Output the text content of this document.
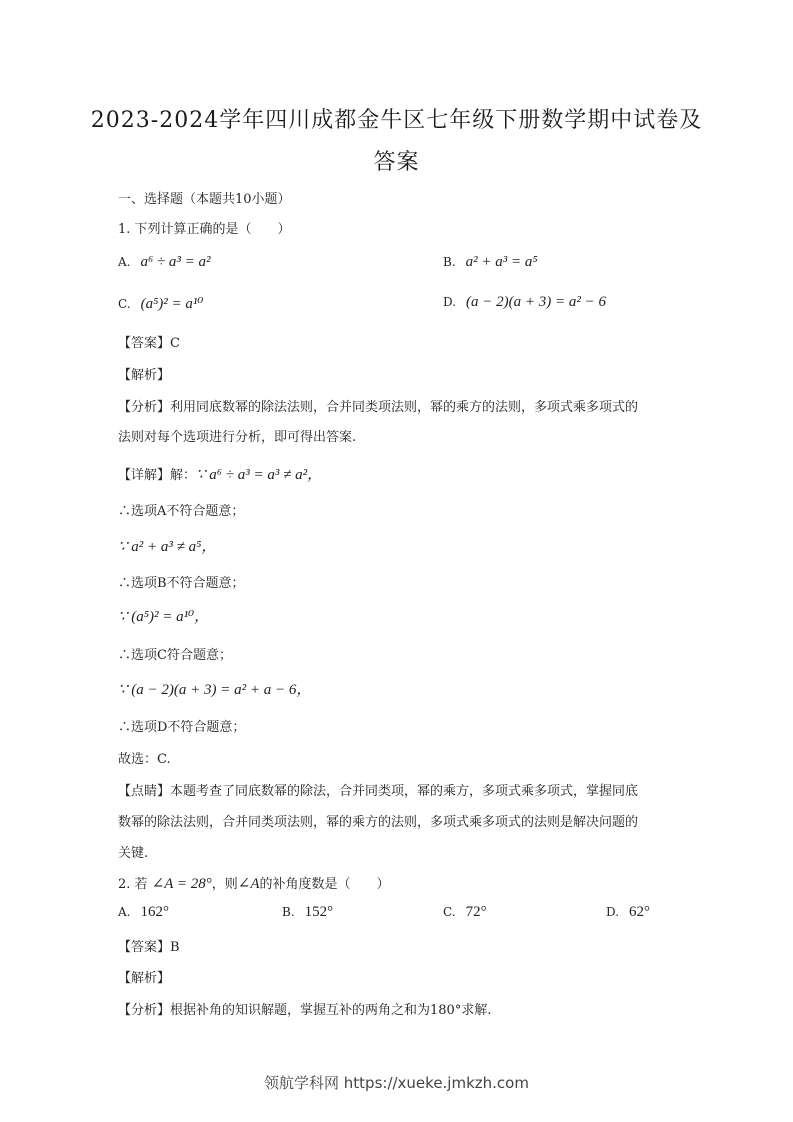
2023-2024学年四川成都金牛区七年级下册数学期中试卷及
答案
一、选择题（本题共10小题）
1. 下列计算正确的是（　　）
A. a⁶ ÷ a³ = a²	B. a² + a³ = a⁵
C. (a⁵)² = a¹⁰	D. (a − 2)(a + 3) = a² − 6
【答案】C
【解析】
【分析】利用同底数幂的除法法则，合并同类项法则，幂的乘方的法则，多项式乘多项式的
法则对每个选项进行分析，即可得出答案.
【详解】解：∵ a⁶ ÷ a³ = a³ ≠ a²，
∴选项A不符合题意；
∵ a² + a³ ≠ a⁵，
∴选项B不符合题意；
∵ (a⁵)² = a¹⁰，
∴选项C符合题意；
∵ (a − 2)(a + 3) = a² + a − 6，
∴选项D不符合题意；
故选：C.
【点睛】本题考查了同底数幂的除法，合并同类项，幂的乘方，多项式乘多项式，掌握同底
数幂的除法法则，合并同类项法则，幂的乘方的法则，多项式乘多项式的法则是解决问题的
关键.
2. 若 ∠A = 28°，则∠A的补角度数是（　　）
A. 162°	B. 152°	C. 72°	D. 62°
【答案】B
【解析】
【分析】根据补角的知识解题，掌握互补的两角之和为180°求解.
领航学科网 https://xueke.jmkzh.com
